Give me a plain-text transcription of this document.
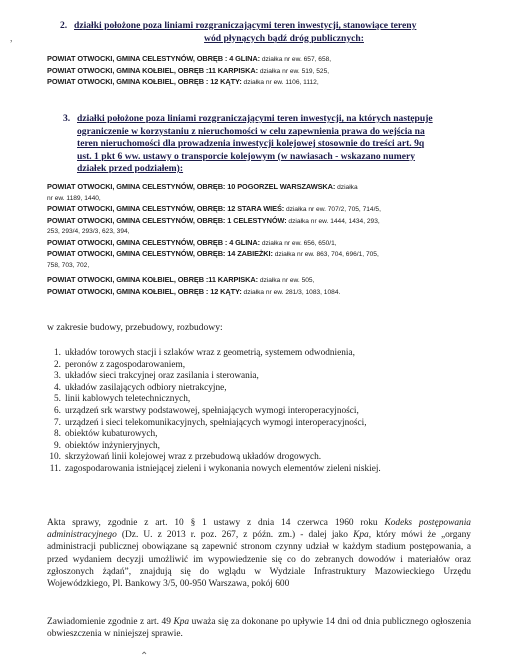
,
2. działki położone poza liniami rozgraniczającymi teren inwestycji, stanowiące tereny
wód płynących bądź dróg publicznych:
POWIAT OTWOCKI, GMINA CELESTYNÓW, OBRĘB : 4 GLINA: działka nr ew. 657, 658,
POWIAT OTWOCKI, GMINA KOŁBIEL, OBRĘB :11 KARPISKA: działka nr ew. 519, 525,
POWIAT OTWOCKI, GMINA KOŁBIEL, OBRĘB : 12 KĄTY: działka nr ew. 1106, 1112,
3. działki położone poza liniami rozgraniczającymi teren inwestycji, na których następuje
ograniczenie w korzystaniu z nieruchomości w celu zapewnienia prawa do wejścia na
teren nieruchomości dla prowadzenia inwestycji kolejowej stosownie do treści art. 9q
ust. 1 pkt 6 ww. ustawy o transporcie kolejowym (w nawiasach - wskazano numery
działek przed podziałem):
POWIAT OTWOCKI, GMINA CELESTYNÓW, OBRĘB: 10 POGORZEL WARSZAWSKA: działka
nr ew. 1189, 1440,
POWIAT OTWOCKI, GMINA CELESTYNÓW, OBRĘB: 12 STARA WIEŚ: działka nr ew. 707/2, 705, 714/5,
POWIAT OTWOCKI, GMINA CELESTYNÓW, OBRĘB: 1 CELESTYNÓW: działka nr ew. 1444, 1434, 293,
253, 293/4, 293/3, 623, 394,
POWIAT OTWOCKI, GMINA CELESTYNÓW, OBRĘB : 4 GLINA: działka nr ew. 656, 650/1,
POWIAT OTWOCKI, GMINA CELESTYNÓW, OBRĘB: 14 ZABIEŻKI: działka nr ew. 863, 704, 696/1, 705,
758, 703, 702,
POWIAT OTWOCKI, GMINA KOŁBIEL, OBRĘB :11 KARPISKA: działka nr ew. 505,
POWIAT OTWOCKI, GMINA KOŁBIEL, OBRĘB : 12 KĄTY: działka nr ew. 281/3, 1083, 1084.
w zakresie budowy, przebudowy, rozbudowy:
1. układów torowych stacji i szlaków wraz z geometrią, systemem odwodnienia,
2. peronów z zagospodarowaniem,
3. układów sieci trakcyjnej oraz zasilania i sterowania,
4. układów zasilających odbiory nietrakcyjne,
5. linii kablowych teletechnicznych,
6. urządzeń srk warstwy podstawowej, spełniających wymogi interoperacyjności,
7. urządzeń i sieci telekomunikacyjnych, spełniających wymogi interoperacyjności,
8. obiektów kubaturowych,
9. obiektów inżynieryjnych,
10. skrzyżowań linii kolejowej wraz z przebudową układów drogowych.
11. zagospodarowania istniejącej zieleni i wykonania nowych elementów zieleni niskiej.
Akta sprawy, zgodnie z art. 10 § 1 ustawy z dnia 14 czerwca 1960 roku Kodeks postępowania administracyjnego (Dz. U. z 2013 r. poz. 267, z późn. zm.) - dalej jako Kpa, który mówi że „organy administracji publicznej obowiązane są zapewnić stronom czynny udział w każdym stadium postępowania, a przed wydaniem decyzji umożliwić im wypowiedzenie się co do zebranych dowodów i materiałów oraz zgłoszonych żądań”, znajdują się do wglądu w Wydziale Infrastruktury Mazowieckiego Urzędu Wojewódzkiego, Pl. Bankowy 3/5, 00-950 Warszawa, pokój 600
Zawiadomienie zgodnie z art. 49 Kpa uważa się za dokonane po upływie 14 dni od dnia publicznego ogłoszenia obwieszczenia w niniejszej sprawie.
⌃
